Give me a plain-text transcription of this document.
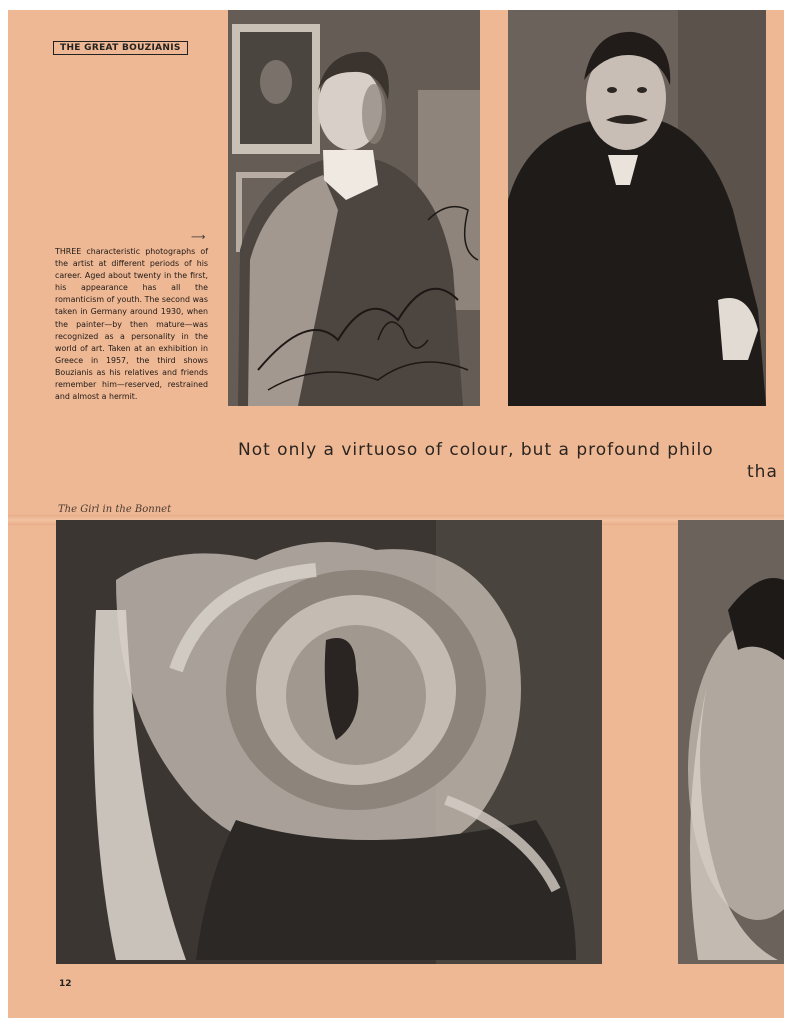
THE GREAT BOUZIANIS
⟶
THREE characteristic photographs of the artist at different periods of his career. Aged about twenty in the first, his appearance has all the romanticism of youth. The second was taken in Germany around 1930, when the painter—by then mature—was recognized as a personality in the world of art. Taken at an exhibition in Greece in 1957, the third shows Bouzianis as his relatives and friends remember him—reserved, restrained and almost a hermit.
Not only a virtuoso of colour, but a profound philo
tha
The Girl in the Bonnet
12
